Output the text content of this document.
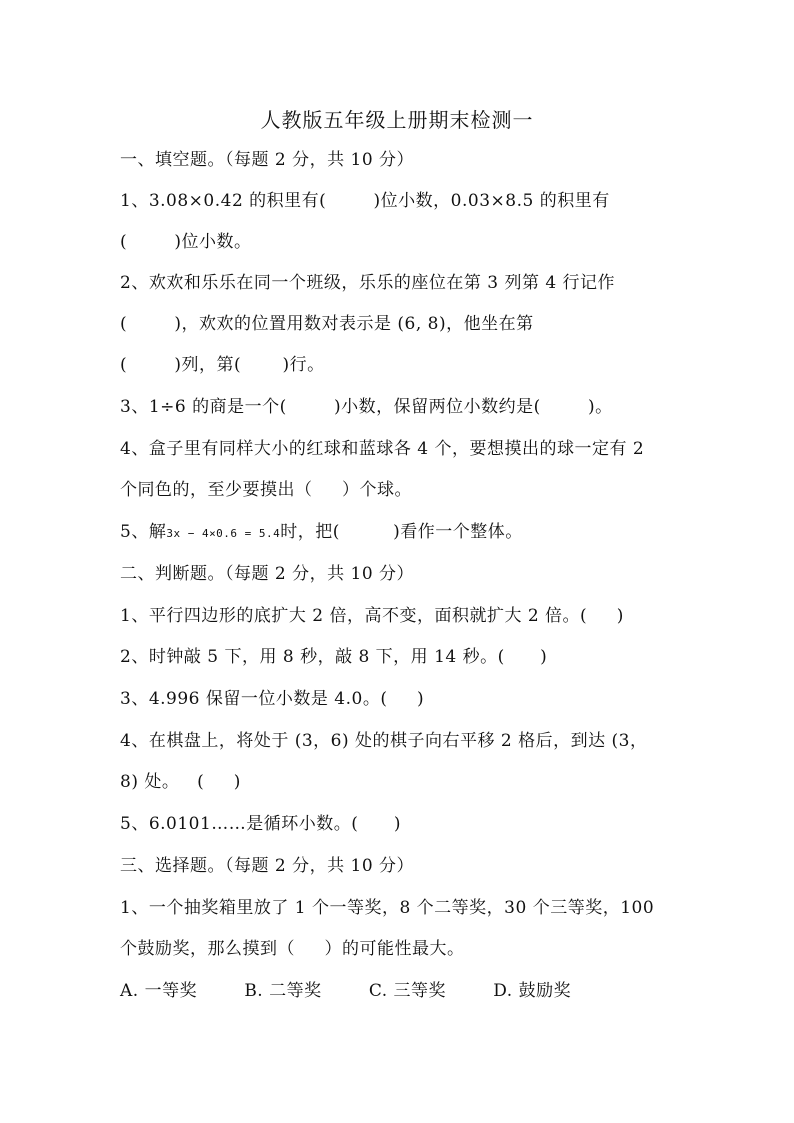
人教版五年级上册期末检测一
一、填空题。（每题 2 分，共 10 分）
1、3.08×0.42 的积里有(        )位小数，0.03×8.5 的积里有
(        )位小数。
2、欢欢和乐乐在同一个班级，乐乐的座位在第 3 列第 4 行记作
(        )，欢欢的位置用数对表示是 (6, 8)，他坐在第
(        )列，第(       )行。
3、1÷6 的商是一个(        )小数，保留两位小数约是(        )。
4、盒子里有同样大小的红球和蓝球各 4 个，要想摸出的球一定有 2
个同色的，至少要摸出（     ）个球。
5、解3x − 4×0.6 = 5.4时，把(         )看作一个整体。
二、判断题。（每题 2 分，共 10 分）
1、平行四边形的底扩大 2 倍，高不变，面积就扩大 2 倍。(     )
2、时钟敲 5 下，用 8 秒，敲 8 下，用 14 秒。(      )
3、4.996 保留一位小数是 4.0。(     )
4、在棋盘上，将处于 (3，6) 处的棋子向右平移 2 格后，到达 (3，
8) 处。   (     )
5、6.0101……是循环小数。(      )
三、选择题。（每题 2 分，共 10 分）
1、一个抽奖箱里放了 1 个一等奖，8 个二等奖，30 个三等奖，100
个鼓励奖，那么摸到（     ）的可能性最大。
A. 一等奖        B. 二等奖        C. 三等奖        D. 鼓励奖
